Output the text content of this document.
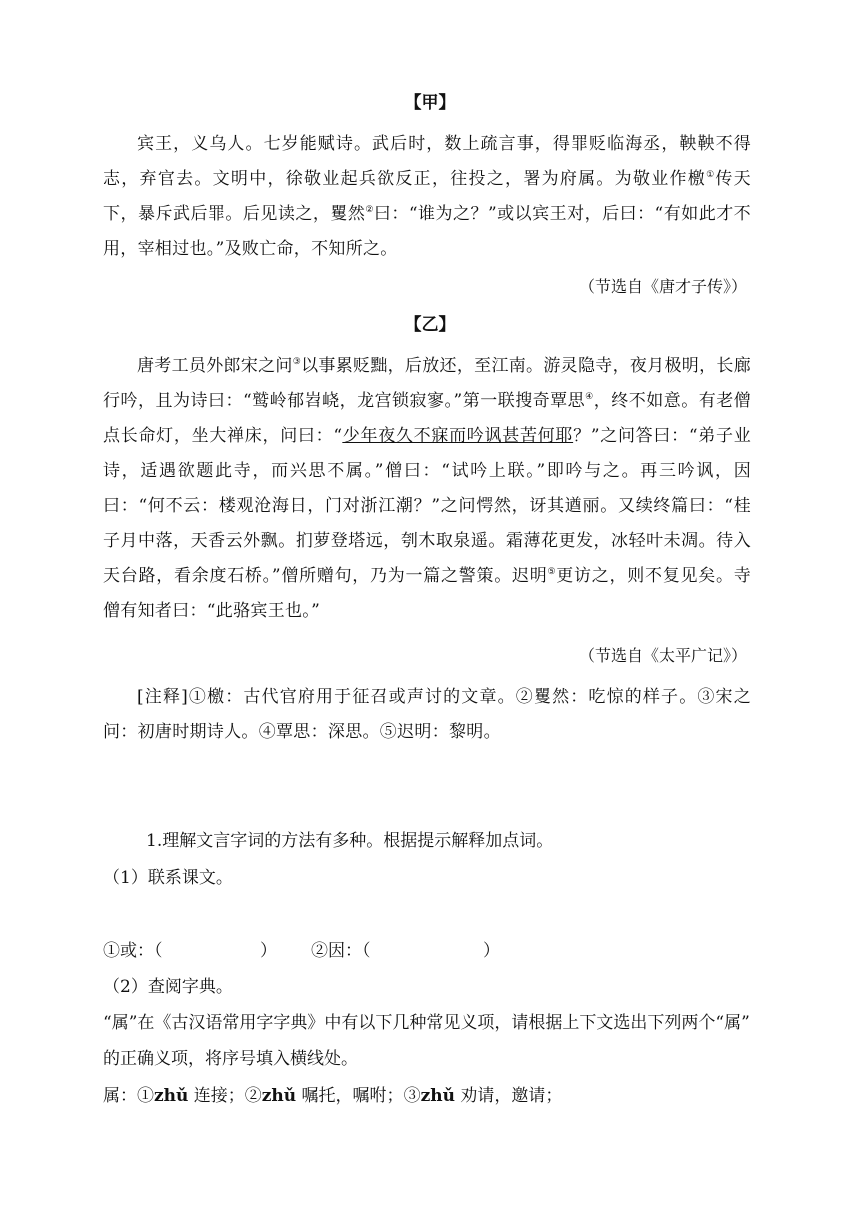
【甲】
宾王，义乌人。七岁能赋诗。武后时，数上疏言事，得罪贬临海丞，鞅鞅不得志，弃官去。文明中，徐敬业起兵欲反正，往投之，署为府属。为敬业作檄①传天下，暴斥武后罪。后见读之，矍然②曰：“谁为之？”或以宾王对，后曰：“有如此才不用，宰相过也。”及败亡命，不知所之。
（节选自《唐才子传》）
【乙】
唐考工员外郎宋之问③以事累贬黜，后放还，至江南。游灵隐寺，夜月极明，长廊行吟，且为诗曰：“鹫岭郁岧峣，龙宫锁寂寥。”第一联搜奇覃思④，终不如意。有老僧点长命灯，坐大禅床，问曰：“少年夜久不寐而吟讽甚苦何耶？”之问答曰：“弟子业诗，适遇欲题此寺，而兴思不属。”僧曰：“试吟上联。”即吟与之。再三吟讽，因曰：“何不云：楼观沧海日，门对浙江潮？”之问愕然，讶其遒丽。又续终篇曰：“桂子月中落，天香云外飘。扪萝登塔远，刳木取泉遥。霜薄花更发，冰轻叶未凋。待入天台路，看余度石桥。”僧所赠句，乃为一篇之警策。迟明⑤更访之，则不复见矣。寺僧有知者曰：“此骆宾王也。”
（节选自《太平广记》）
[注释]①檄：古代官府用于征召或声讨的文章。②矍然：吃惊的样子。③宋之问：初唐时期诗人。④覃思：深思。⑤迟明：黎明。
1.理解文言字词的方法有多种。根据提示解释加点词。
（1）联系课文。
①或：（	） ②因：（	）
（2）查阅字典。
“属”在《古汉语常用字字典》中有以下几种常见义项，请根据上下文选出下列两个“属”
的正确义项，将序号填入横线处。
属：①zhǔ 连接；②zhǔ 嘱托，嘱咐；③zhǔ 劝请，邀请；
